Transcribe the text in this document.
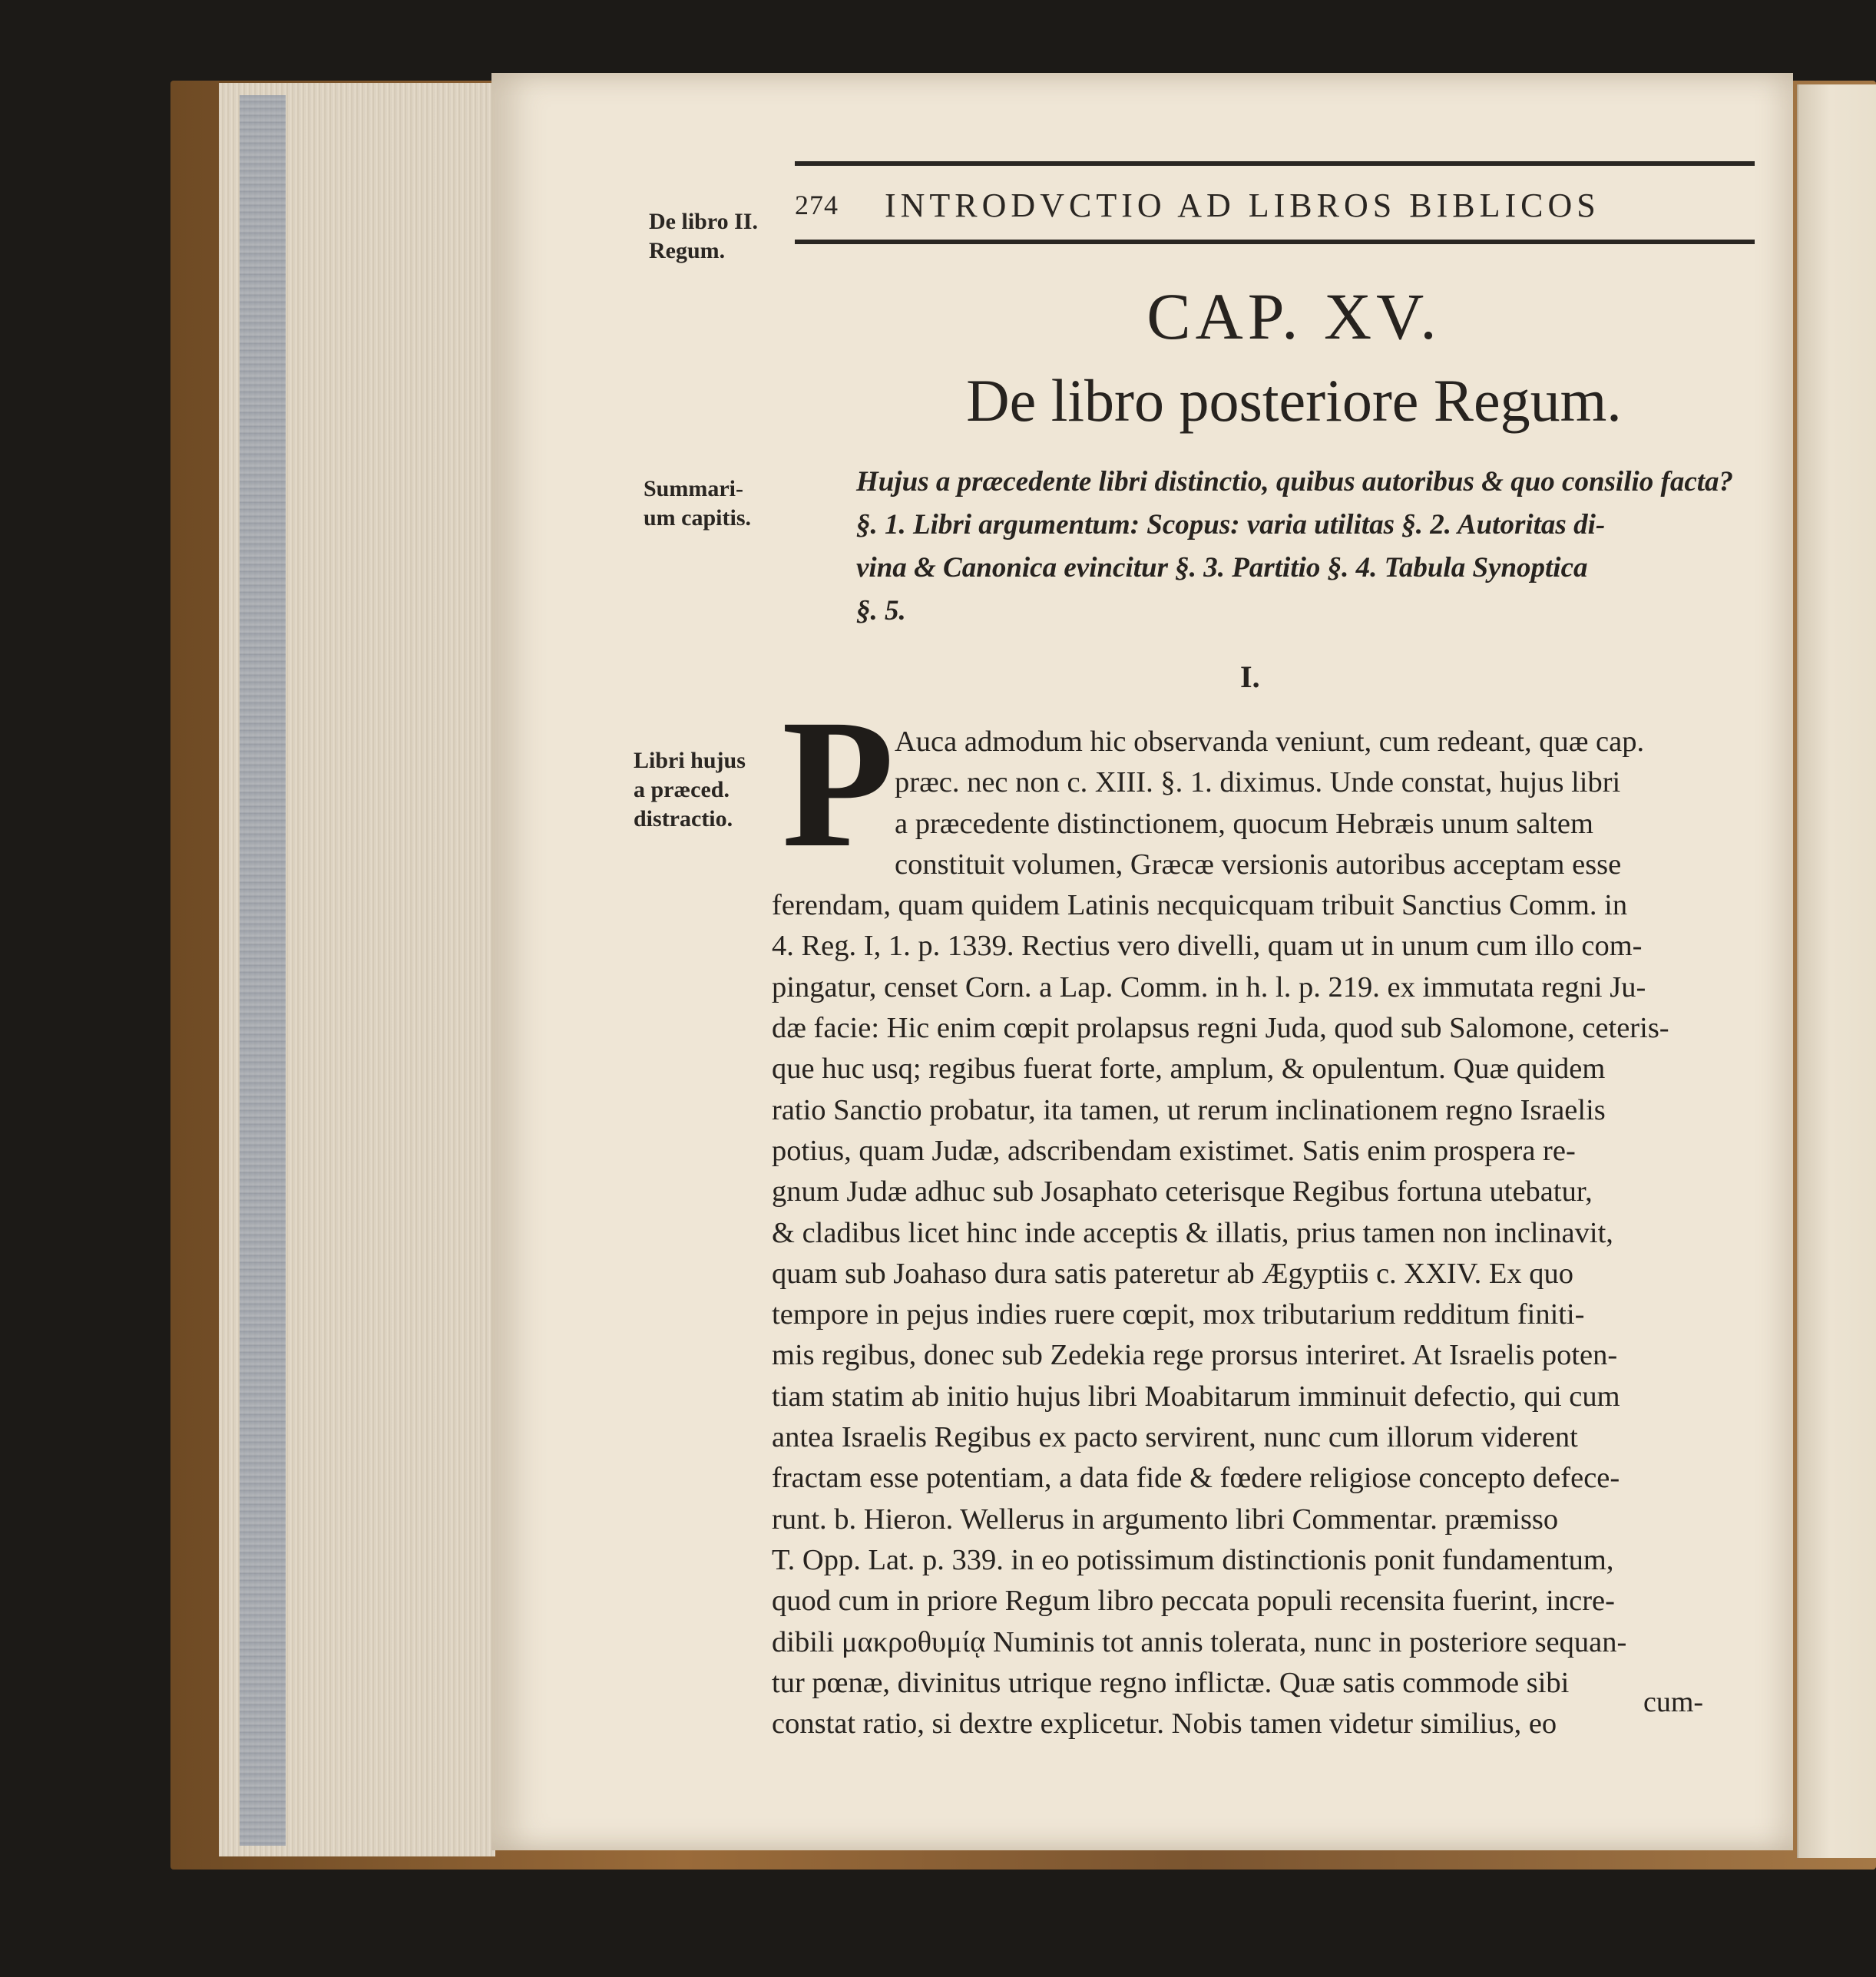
274 INTRODVCTIO AD LIBROS BIBLICOS
De libro II.
Regum.
CAP. XV.
De libro posteriore Regum.
Summari-
um capitis.
Hujus a præcedente libri distinctio, quibus autoribus & quo consilio facta?
§. 1. Libri argumentum: Scopus: varia utilitas §. 2. Autoritas di-
vina & Canonica evincitur §. 3. Partitio §. 4. Tabula Synoptica
§. 5.
I.
Libri hujus
a præced.
distractio. P Auca admodum hic observanda veniunt, cum redeant, quæ cap.
præc. nec non c. XIII. §. 1. diximus. Unde constat, hujus libri
a præcedente distinctionem, quocum Hebræis unum saltem
constituit volumen, Græcæ versionis autoribus acceptam esse
ferendam, quam quidem Latinis necquicquam tribuit Sanctius Comm. in
4. Reg. I, 1. p. 1339. Rectius vero divelli, quam ut in unum cum illo com-
pingatur, censet Corn. a Lap. Comm. in h. l. p. 219. ex immutata regni Ju-
dæ facie: Hic enim cœpit prolapsus regni Juda, quod sub Salomone, ceteris-
que huc usq; regibus fuerat forte, amplum, & opulentum. Quæ quidem
ratio Sanctio probatur, ita tamen, ut rerum inclinationem regno Israelis
potius, quam Judæ, adscribendam existimet. Satis enim prospera re-
gnum Judæ adhuc sub Josaphato ceterisque Regibus fortuna utebatur,
& cladibus licet hinc inde acceptis & illatis, prius tamen non inclinavit,
quam sub Joahaso dura satis pateretur ab Ægyptiis c. XXIV. Ex quo
tempore in pejus indies ruere cœpit, mox tributarium redditum finiti-
mis regibus, donec sub Zedekia rege prorsus interiret. At Israelis poten-
tiam statim ab initio hujus libri Moabitarum imminuit defectio, qui cum
antea Israelis Regibus ex pacto servirent, nunc cum illorum viderent
fractam esse potentiam, a data fide & fœdere religiose concepto defece-
runt. b. Hieron. Wellerus in argumento libri Commentar. præmisso
T. Opp. Lat. p. 339. in eo potissimum distinctionis ponit fundamentum,
quod cum in priore Regum libro peccata populi recensita fuerint, incre-
dibili μακροθυμίᾳ Numinis tot annis tolerata, nunc in posteriore sequan-
tur pœnæ, divinitus utrique regno inflictæ. Quæ satis commode sibi
constat ratio, si dextre explicetur. Nobis tamen videtur similius, eo
cum-
